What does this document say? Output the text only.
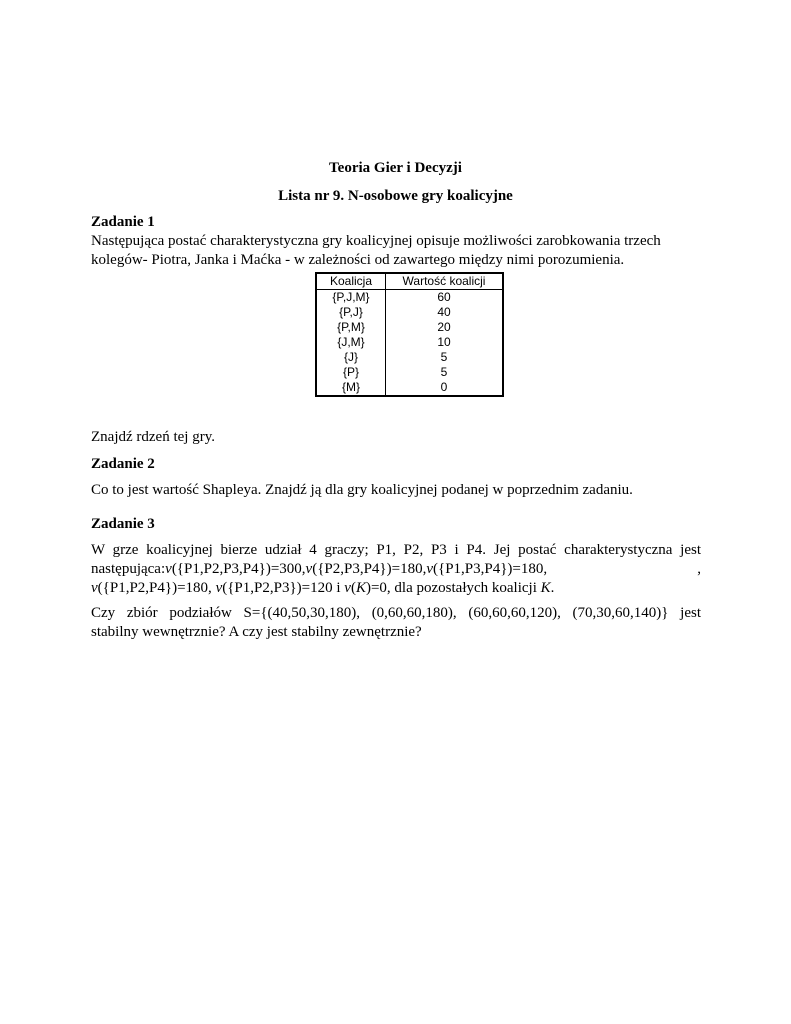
Teoria Gier i Decyzji
Lista nr 9. N-osobowe gry koalicyjne
Zadanie 1
Następująca postać charakterystyczna gry koalicyjnej opisuje możliwości zarobkowania trzech
kolegów- Piotra, Janka i Maćka - w zależności od zawartego między nimi porozumienia.
Koalicja	Wartość koalicji
{P,J,M}	60
{P,J}	40
{P,M}	20
{J,M}	10
{J}	5
{P}	5
{M}	0
Znajdź rdzeń tej gry.
Zadanie 2
Co to jest wartość Shapleya. Znajdź ją dla gry koalicyjnej podanej w poprzednim zadaniu.
Zadanie 3
W grze koalicyjnej bierze udział 4 graczy; P1, P2, P3 i P4. Jej postać charakterystyczna jest
następująca:v({P1,P2,P3,P4})=300,v({P2,P3,P4})=180,v({P1,P3,P4})=180,	,
v({P1,P2,P4})=180, v({P1,P2,P3})=120 i v(K)=0, dla pozostałych koalicji K.
Czy zbiór podziałów S={(40,50,30,180), (0,60,60,180), (60,60,60,120), (70,30,60,140)} jest
stabilny wewnętrznie? A czy jest stabilny zewnętrznie?
